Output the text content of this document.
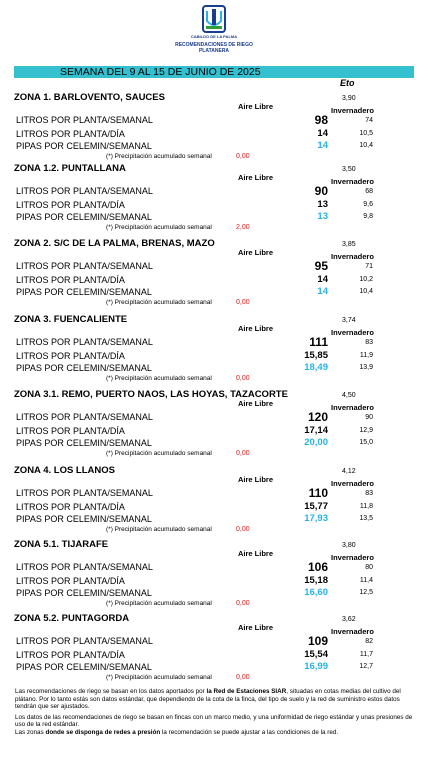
CABILDO DE LA PALMA
RECOMENDACIONES DE RIEGO
PLATANERA
SEMANA DEL 9 AL 15 DE JUNIO DE 2025
Eto
ZONA 1. BARLOVENTO, SAUCES	3,90
Aire Libre	Invernadero
LITROS POR PLANTA/SEMANAL	98	74
LITROS POR PLANTA/DÍA	14	10,5
PIPAS POR CELEMIN/SEMANAL	14	10,4
(*) Precipitación acumulado semanal	0,00
ZONA 1.2. PUNTALLANA	3,50
Aire Libre	Invernadero
LITROS POR PLANTA/SEMANAL	90	68
LITROS POR PLANTA/DÍA	13	9,6
PIPAS POR CELEMIN/SEMANAL	13	9,8
(*) Precipitación acumulado semanal	2,00
ZONA 2. S/C DE LA PALMA, BRENAS, MAZO	3,85
Aire Libre	Invernadero
LITROS POR PLANTA/SEMANAL	95	71
LITROS POR PLANTA/DÍA	14	10,2
PIPAS POR CELEMIN/SEMANAL	14	10,4
(*) Precipitación acumulado semanal	0,00
ZONA 3. FUENCALIENTE	3,74
Aire Libre	Invernadero
LITROS POR PLANTA/SEMANAL	111	83
LITROS POR PLANTA/DÍA	15,85	11,9
PIPAS POR CELEMIN/SEMANAL	18,49	13,9
(*) Precipitación acumulado semanal	0,00
ZONA 3.1. REMO, PUERTO NAOS, LAS HOYAS, TAZACORTE	4,50
Aire Libre	Invernadero
LITROS POR PLANTA/SEMANAL	120	90
LITROS POR PLANTA/DÍA	17,14	12,9
PIPAS POR CELEMIN/SEMANAL	20,00	15,0
(*) Precipitación acumulado semanal	0,00
ZONA 4. LOS LLANOS	4,12
Aire Libre	Invernadero
LITROS POR PLANTA/SEMANAL	110	83
LITROS POR PLANTA/DÍA	15,77	11,8
PIPAS POR CELEMIN/SEMANAL	17,93	13,5
(*) Precipitación acumulado semanal	0,00
ZONA 5.1. TIJARAFE	3,80
Aire Libre	Invernadero
LITROS POR PLANTA/SEMANAL	106	80
LITROS POR PLANTA/DÍA	15,18	11,4
PIPAS POR CELEMIN/SEMANAL	16,60	12,5
(*) Precipitación acumulado semanal	0,00
ZONA 5.2. PUNTAGORDA	3,62
Aire Libre	Invernadero
LITROS POR PLANTA/SEMANAL	109	82
LITROS POR PLANTA/DÍA	15,54	11,7
PIPAS POR CELEMIN/SEMANAL	16,99	12,7
(*) Precipitación acumulado semanal	0,00

Las recomendaciones de riego se basan en los datos aportados por la Red de Estaciones SIAR, situadas en cotas medias del cultivo del plátano. Por lo tanto estás son datos estándar, que dependiendo de la cota de la finca, del tipo de suelo y la red de suministro estos datos tendrán que ser ajustados.

Los datos de las recomendaciones de riego se basan en fincas con un marco medio, y una uniformidad de riego estándar y unas presiones de uso de la red estándar.

Las zonas donde se disponga de redes a presión la recomendación se puede ajustar a las condiciones de la red.
